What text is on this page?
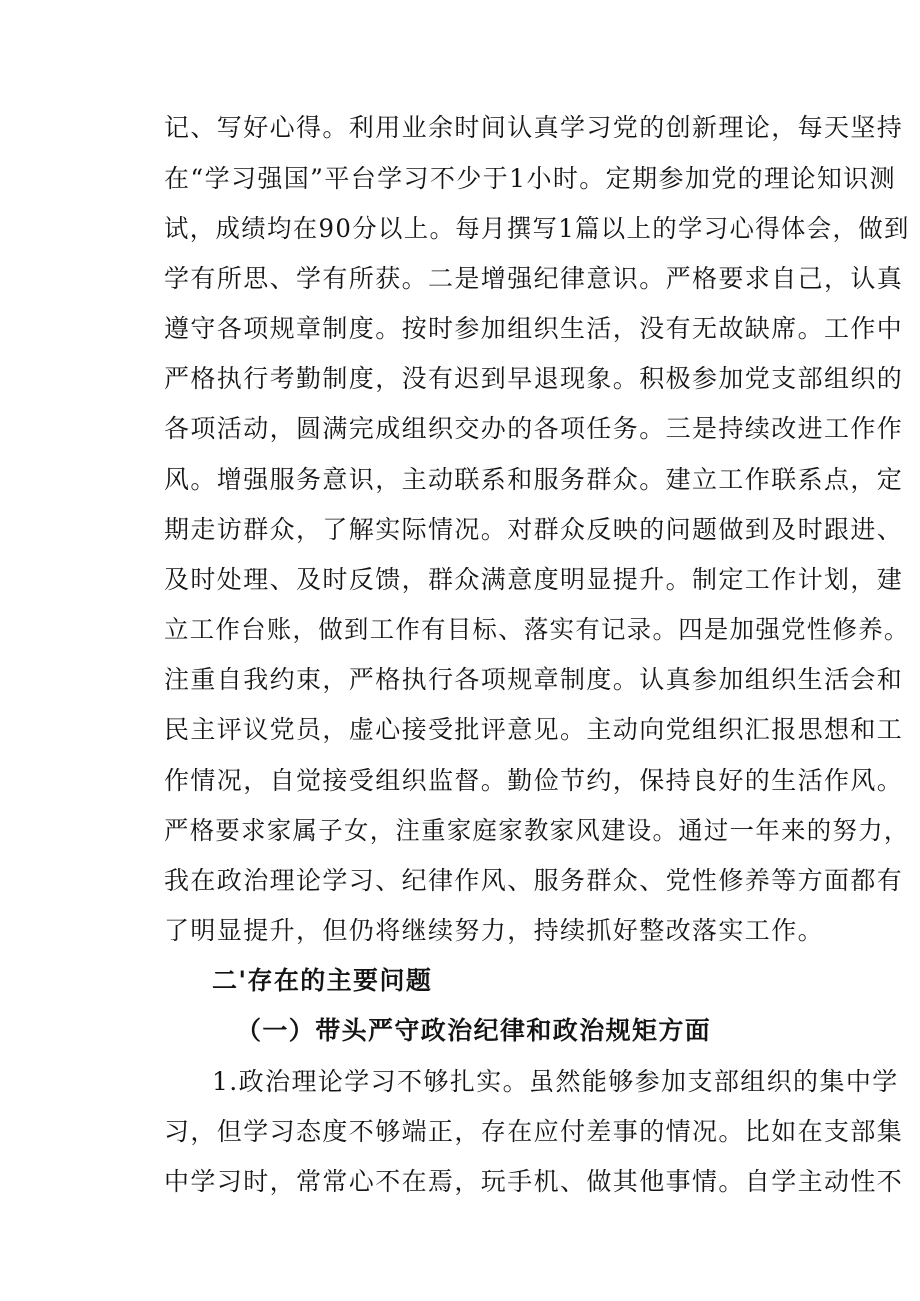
记、写好心得。利用业余时间认真学习党的创新理论，每天坚持
在“学习强国”平台学习不少于1小时。定期参加党的理论知识测
试，成绩均在90分以上。每月撰写1篇以上的学习心得体会，做到
学有所思、学有所获。二是增强纪律意识。严格要求自己，认真
遵守各项规章制度。按时参加组织生活，没有无故缺席。工作中
严格执行考勤制度，没有迟到早退现象。积极参加党支部组织的
各项活动，圆满完成组织交办的各项任务。三是持续改进工作作
风。增强服务意识，主动联系和服务群众。建立工作联系点，定
期走访群众，了解实际情况。对群众反映的问题做到及时跟进、
及时处理、及时反馈，群众满意度明显提升。制定工作计划，建
立工作台账，做到工作有目标、落实有记录。四是加强党性修养。
注重自我约束，严格执行各项规章制度。认真参加组织生活会和
民主评议党员，虚心接受批评意见。主动向党组织汇报思想和工
作情况，自觉接受组织监督。勤俭节约，保持良好的生活作风。
严格要求家属子女，注重家庭家教家风建设。通过一年来的努力，
我在政治理论学习、纪律作风、服务群众、党性修养等方面都有
了明显提升，但仍将继续努力，持续抓好整改落实工作。
二'存在的主要问题
（一）带头严守政治纪律和政治规矩方面
1.政治理论学习不够扎实。虽然能够参加支部组织的集中学
习，但学习态度不够端正，存在应付差事的情况。比如在支部集
中学习时，常常心不在焉，玩手机、做其他事情。自学主动性不
